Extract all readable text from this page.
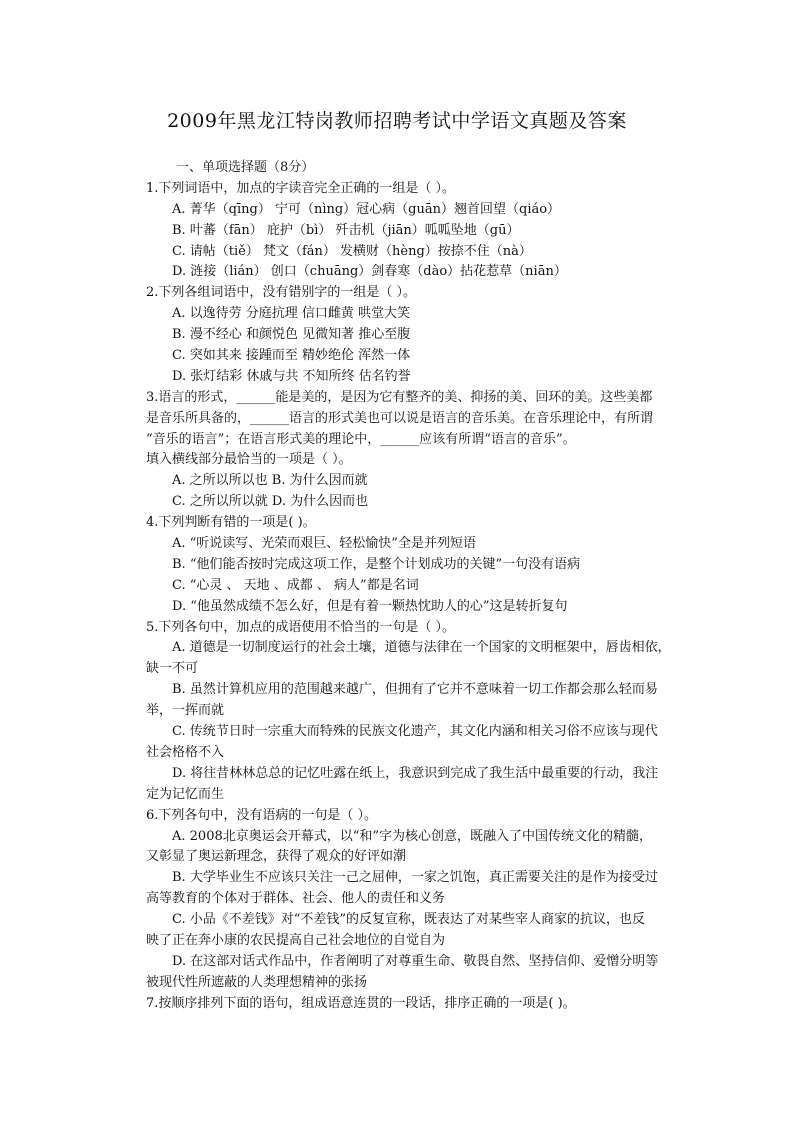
2009年黑龙江特岗教师招聘考试中学语文真题及答案
一、单项选择题（8分）
1.下列词语中，加点的字读音完全正确的一组是（ ）。
A. 菁华（qīng） 宁可（nìng）冠心病（guān）翘首回望（qiáo）
B. 叶蕃（fān） 庇护（bì） 歼击机（jiān）呱呱坠地（gū）
C. 请帖（tiě） 梵文（fán） 发横财（hèng）按捺不住（nà）
D. 涟接（lián） 创口（chuāng）剑春寒（dào）拈花惹草（niān）
2.下列各组词语中，没有错别字的一组是（ ）。
A. 以逸待劳 分庭抗理 信口雌黄 哄堂大笑
B. 漫不经心 和颜悦色 见微知著 推心至腹
C. 突如其来 接踵而至 精妙绝伦 浑然一体
D. 张灯结彩 休戚与共 不知所终 估名钓誉
3.语言的形式，______能是美的，是因为它有整齐的美、抑扬的美、回环的美。这些美都
是音乐所具备的，______语言的形式美也可以说是语言的音乐美。在音乐理论中，有所谓
“音乐的语言”；在语言形式美的理论中，______应该有所谓“语言的音乐”。
填入横线部分最恰当的一项是（ ）。
A. 之所以所以也 B. 为什么因而就
C. 之所以所以就 D. 为什么因而也
4.下列判断有错的一项是( )。
A. “听说读写、光荣而艰巨、轻松愉快”全是并列短语
B. “他们能否按时完成这项工作，是整个计划成功的关键”一句没有语病
C. “心灵 、 天地 、成都 、 病人”都是名词
D. “他虽然成绩不怎么好，但是有着一颗热忱助人的心”这是转折复句
5.下列各句中，加点的成语使用不恰当的一句是（ ）。
A. 道德是一切制度运行的社会土壤，道德与法律在一个国家的文明框架中，唇齿相依，
缺一不可
B. 虽然计算机应用的范围越来越广，但拥有了它并不意味着一切工作都会那么轻而易
举，一挥而就
C. 传统节日时一宗重大而特殊的民族文化遗产，其文化内涵和相关习俗不应该与现代
社会格格不入
D. 将往昔林林总总的记忆吐露在纸上，我意识到完成了我生活中最重要的行动，我注
定为记忆而生
6.下列各句中，没有语病的一句是（ ）。
A. 2008北京奥运会开幕式，以“和”字为核心创意，既融入了中国传统文化的精髓，
又彰显了奥运新理念，获得了观众的好评如潮
B. 大学毕业生不应该只关注一己之屈伸，一家之饥饱，真正需要关注的是作为接受过
高等教育的个体对于群体、社会、他人的责任和义务
C. 小品《不差钱》对“不差钱”的反复宣称，既表达了对某些宰人商家的抗议，也反
映了正在奔小康的农民提高自己社会地位的自觉自为
D. 在这部对话式作品中，作者阐明了对尊重生命、敬畏自然、坚持信仰、爱憎分明等
被现代性所遮蔽的人类理想精神的张扬
7.按顺序排列下面的语句，组成语意连贯的一段话，排序正确的一项是( )。
